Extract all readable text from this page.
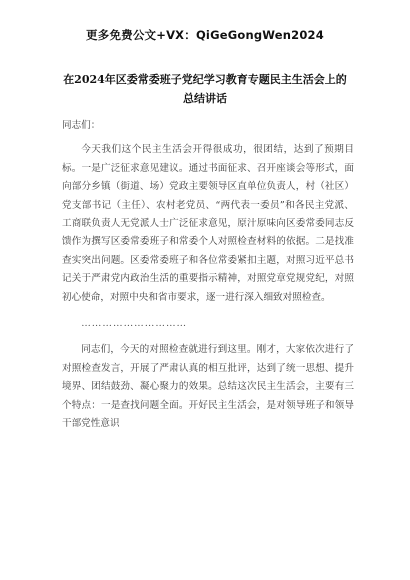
更多免费公文+VX：QiGeGongWen2024
在2024年区委常委班子党纪学习教育专题民主生活会上的
总结讲话

同志们：

今天我们这个民主生活会开得很成功，很团结，达到了预期目标。一是广泛征求意见建议。通过书面征求、召开座谈会等形式，面向部分乡镇（街道、场）党政主要领导区直单位负责人，村（社区）党支部书记（主任）、农村老党员、“两代表一委员”和各民主党派、工商联负责人无党派人士广泛征求意见，原汁原味向区委常委同志反馈作为撰写区委常委班子和常委个人对照检查材料的依据。二是找准查实突出问题。区委常委班子和各位常委紧扣主题，对照习近平总书记关于严肃党内政治生活的重要指示精神，对照党章党规党纪，对照初心使命，对照中央和省市要求，逐一进行深入细致对照检查。

…………………………

同志们，今天的对照检查就进行到这里。刚才，大家依次进行了对照检查发言，开展了严肃认真的相互批评，达到了统一思想、提升境界、团结鼓劲、凝心聚力的效果。总结这次民主生活会，主要有三个特点：一是查找问题全面。开好民主生活会，是对领导班子和领导干部党性意识
